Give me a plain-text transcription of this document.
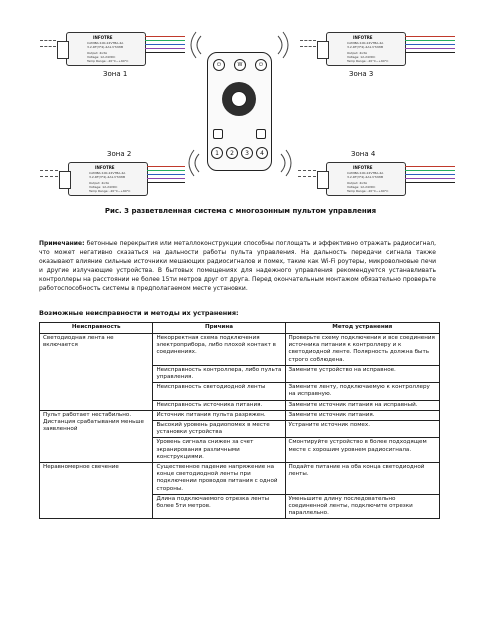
INFOTRE
CAMIBA:100-24VTBA-4A
3.2-RF(3*4)-4A1-VT2WB
Output: 4x3A
Voltage: 12-24VDC
Temp Range: -20°C~+60°C
Зона 1
INFOTRE
CAMIBA:100-24VTBA-4A
3.2-RF(3*4)-4A1-VT2WB
Output: 4x3A
Voltage: 12-24VDC
Temp Range: -20°C~+60°C
Зона 3
⏻	W	⏻
1	2	3	4
Зона 2
INFOTRE
CAMIBA:100-24VTBA-4A
3.2-RF(3*4)-4A1-VT2WB
Output: 4x3A
Voltage: 12-24VDC
Temp Range: -20°C~+60°C
Зона 4
INFOTRE
CAMIBA:100-24VTBA-4A
3.2-RF(3*4)-4A1-VT2WB
Output: 4x3A
Voltage: 12-24VDC
Temp Range: -20°C~+60°C
Рис. 3 разветвленная система с многозонным пультом управления

Примечание: бетонные перекрытия или металлоконструкции способны поглощать и эффективно отражать радиосигнал, что может негативно сказаться на дальности работы пульта управления. На дальность передачи сигнала также оказывают влияние сильные источники мешающих радиосигналов и помех, такие как Wi-Fi роутеры, микроволновые печи и другие излучающие устройства. В бытовых помещениях для надежного управления рекомендуется устанавливать контроллеры на расстоянии не более 15ти метров друг от друга. Перед окончательным монтажом обязательно проверьте работоспособность системы в предполагаемом месте установки.

Возможные неисправности и методы их устранения:
Неисправность	Причина	Метод устранения
Светодиодная лента не включается	Некорректная схема подключения электроприбора, либо плохой контакт в соединениях.	Проверьте схему подключения и все соединения источника питания к контроллеру и к светодиодной ленте. Полярность должна быть строго соблюдена.
	Неисправность контроллера, либо пульта управления.	Замените устройство на исправное.
	Неисправность светодиодной ленты	Замените ленту, подключаемую к контроллеру на исправную.
	Неисправность источника питания.	Замените источник питания на исправный.
Пульт работает нестабильно. Дистанция срабатывания меньше заявленной	Источник питания пульта разряжен.	Замените источник питания.
	Высокий уровень радиопомех в месте установки устройства	Устраните источник помех.
	Уровень сигнала снижен за счет экранирования различными конструкциями.	Смонтируйте устройство в более подходящем месте с хорошим уровнем радиосигнала.
Неравномерное свечение	Существенное падение напряжение на конце светодиодной ленты при подключении проводов питания с одной стороны.	Подайте питание на оба конца светодиодной ленты.
	Длина подключаемого отрезка ленты более 5ти метров.	Уменьшите длину последовательно соединенной ленты, подключите отрезки параллельно.
